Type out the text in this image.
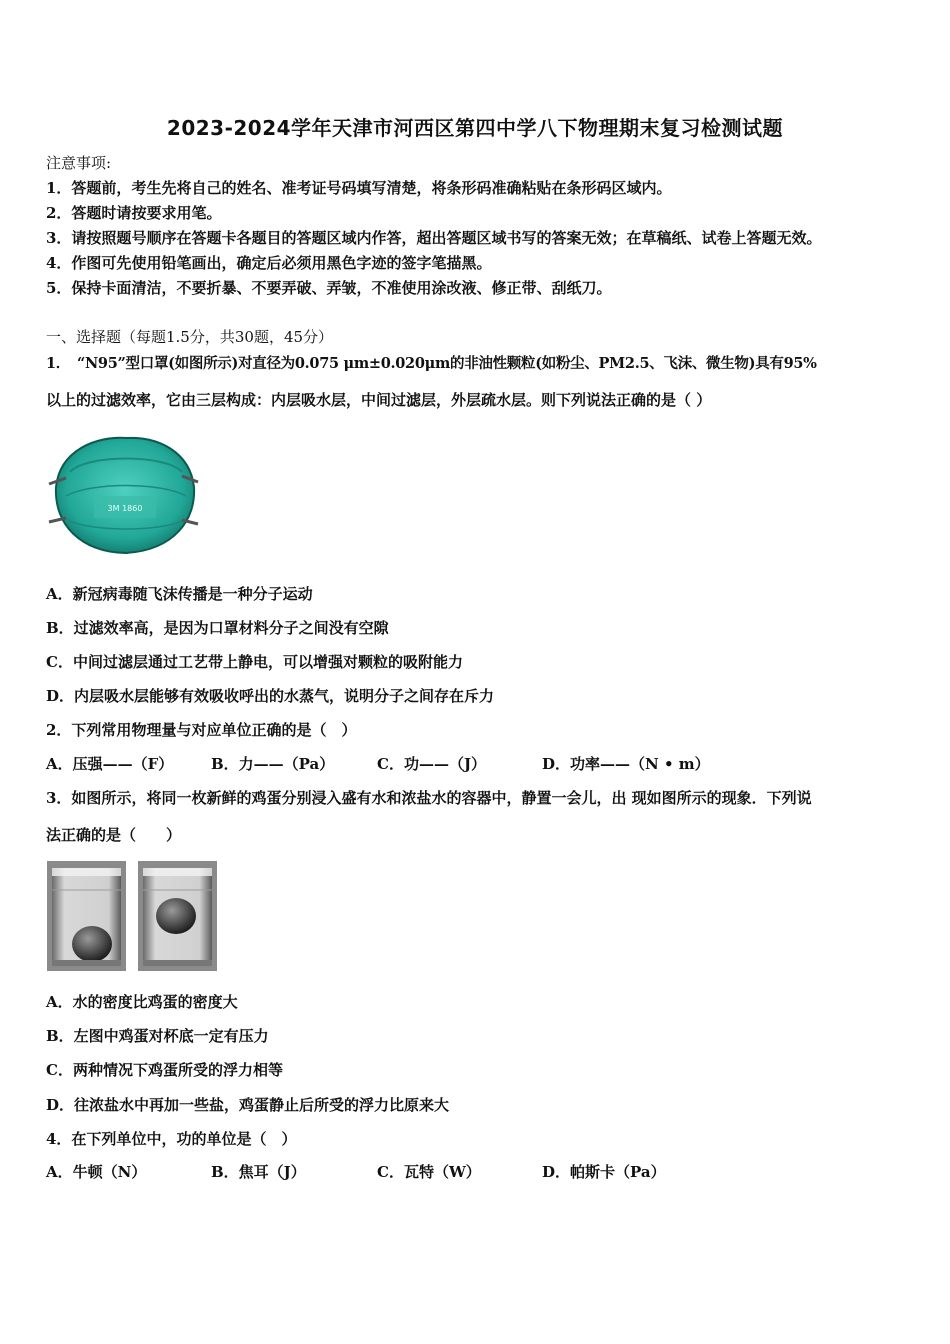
2023-2024学年天津市河西区第四中学八下物理期末复习检测试题
注意事项:
1．答题前，考生先将自己的姓名、准考证号码填写清楚，将条形码准确粘贴在条形码区域内。
2．答题时请按要求用笔。
3．请按照题号顺序在答题卡各题目的答题区域内作答，超出答题区域书写的答案无效；在草稿纸、试卷上答题无效。
4．作图可先使用铅笔画出，确定后必须用黑色字迹的签字笔描黑。
5．保持卡面清洁，不要折暴、不要弄破、弄皱，不准使用涂改液、修正带、刮纸刀。
一、选择题（每题1.5分，共30题，45分）
1．　“N95”型口罩(如图所示)对直径为0.075 μm±0.020μm的非油性颗粒(如粉尘、PM2.5、飞沫、微生物)具有95%
以上的过滤效率，它由三层构成：内层吸水层，中间过滤层，外层疏水层。则下列说法正确的是（ ）
3M 1860
A．新冠病毒随飞沫传播是一种分子运动
B．过滤效率高，是因为口罩材料分子之间没有空隙
C．中间过滤层通过工艺带上静电，可以增强对颗粒的吸附能力
D．内层吸水层能够有效吸收呼出的水蒸气，说明分子之间存在斥力
2．下列常用物理量与对应单位正确的是（　）
A．压强——（F）	B．力——（Pa）	C．功——（J）	D．功率——（N • m）
3．如图所示，将同一枚新鲜的鸡蛋分别浸入盛有水和浓盐水的容器中，静置一会儿，出 现如图所示的现象．下列说
法正确的是（　　）
A．水的密度比鸡蛋的密度大
B．左图中鸡蛋对杯底一定有压力
C．两种情况下鸡蛋所受的浮力相等
D．往浓盐水中再加一些盐，鸡蛋静止后所受的浮力比原来大
4．在下列单位中，功的单位是（　）
A．牛顿（N）	B．焦耳（J）	C．瓦特（W）	D．帕斯卡（Pa）
